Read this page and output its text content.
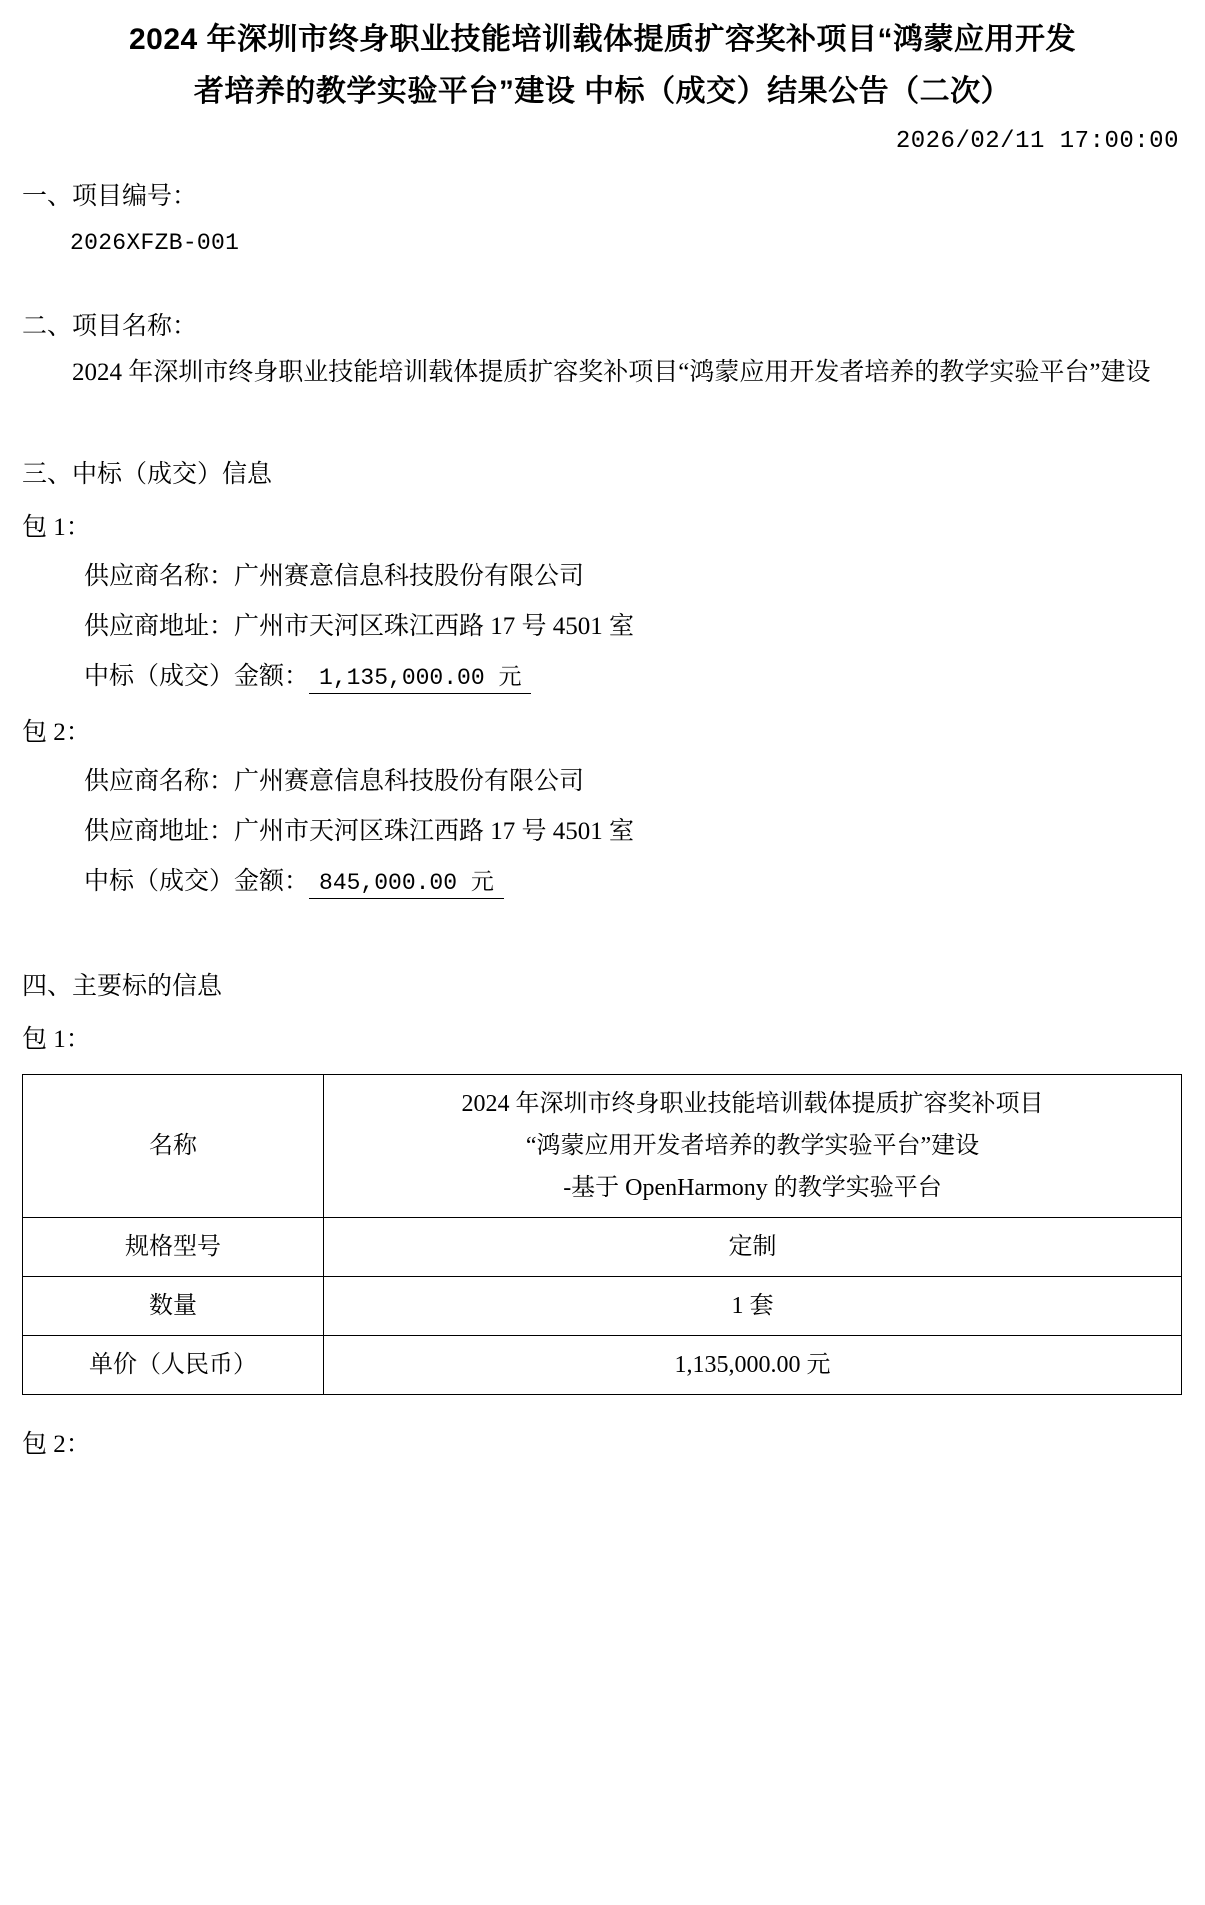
2024 年深圳市终身职业技能培训载体提质扩容奖补项目“鸿蒙应用开发
者培养的教学实验平台”建设 中标（成交）结果公告（二次）
2026/02/11 17:00:00
一、项目编号：
2026XFZB-001
二、项目名称：
2024 年深圳市终身职业技能培训载体提质扩容奖补项目“鸿蒙应用开发者培养的教学实验平台”建设
三、中标（成交）信息
包 1：
供应商名称：广州赛意信息科技股份有限公司
供应商地址：广州市天河区珠江西路 17 号 4501 室
中标（成交）金额： 1,135,000.00 元
包 2：
供应商名称：广州赛意信息科技股份有限公司
供应商地址：广州市天河区珠江西路 17 号 4501 室
中标（成交）金额： 845,000.00 元
四、主要标的信息
包 1：
名称	2024 年深圳市终身职业技能培训载体提质扩容奖补项目
“鸿蒙应用开发者培养的教学实验平台”建设
-基于 OpenHarmony 的教学实验平台

规格型号	定制
数量	1 套
单价（人民币）	1,135,000.00 元
包 2：
